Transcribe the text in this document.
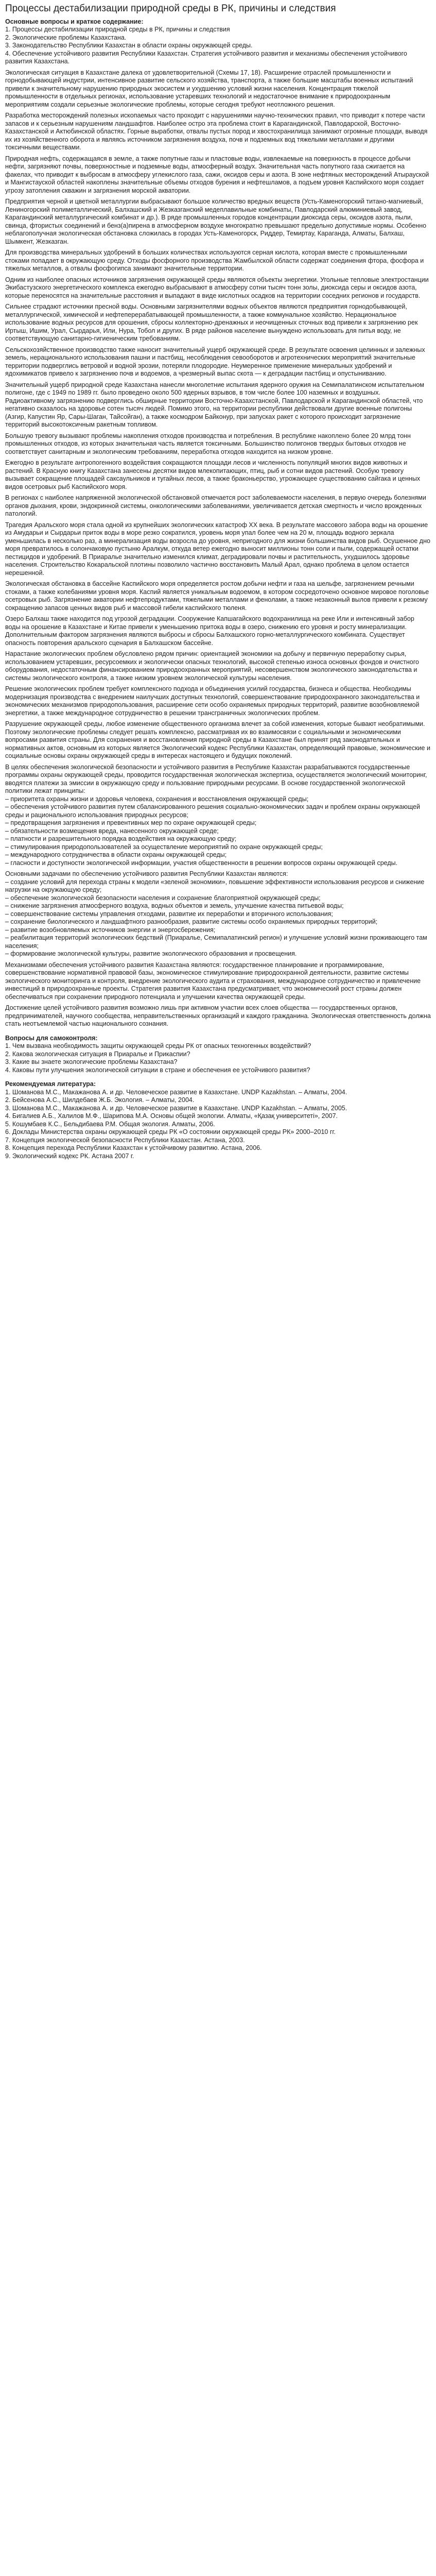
Процессы дестабилизации природной среды в РК, причины и следствия

Основные вопросы и краткое содержание:

1. Процессы дестабилизации природной среды в РК, причины и следствия

2. Экологические проблемы Казахстана.

3. Законодательство Республики Казахстан в области охраны окружающей среды.

4. Обеспечение устойчивого развития Республики Казахстан. Стратегия устойчивого развития и механизмы обеспечения устойчивого развития Казахстана.

Экологическая ситуация в Казахстане далека от удовлетворительной (Схемы 17, 18). Расширение отраслей промышленности и горнодобывающей индустрии, интенсивное развитие сельского хозяйства, транспорта, а также большие масштабы военных испытаний привели к значительному нарушению природных экосистем и ухудшению условий жизни населения. Концентрация тяжелой промышленности в отдельных регионах, использование устаревших технологий и недостаточное внимание к природоохранным мероприятиям создали серьезные экологические проблемы, которые сегодня требуют неотложного решения.

Разработка месторождений полезных ископаемых часто проходит с нарушениями научно-технических правил, что приводит к потере части запасов и к серьезным нарушениям ландшафтов. Наиболее остро эта проблема стоит в Карагандинской, Павлодарской, Восточно-Казахстанской и Актюбинской областях. Горные выработки, отвалы пустых пород и хвостохранилища занимают огромные площади, выводя их из хозяйственного оборота и являясь источником загрязнения воздуха, почв и подземных вод тяжелыми металлами и другими токсичными веществами.

Природная нефть, содержащаяся в земле, а также попутные газы и пластовые воды, извлекаемые на поверхность в процессе добычи нефти, загрязняют почвы, поверхностные и подземные воды, атмосферный воздух. Значительная часть попутного газа сжигается на факелах, что приводит к выбросам в атмосферу углекислого газа, сажи, оксидов серы и азота. В зоне нефтяных месторождений Атырауской и Мангистауской областей накоплены значительные объемы отходов бурения и нефтешламов, а подъем уровня Каспийского моря создает угрозу затопления скважин и загрязнения морской акватории.

Предприятия черной и цветной металлургии выбрасывают большое количество вредных веществ (Усть-Каменогорский титано-магниевый, Лениногорский полиметаллический, Балхашский и Жезказганский медеплавильные комбинаты, Павлодарский алюминиевый завод, Карагандинский металлургический комбинат и др.). В ряде промышленных городов концентрации диоксида серы, оксидов азота, пыли, свинца, фтористых соединений и бенз(а)пирена в атмосферном воздухе многократно превышают предельно допустимые нормы. Особенно неблагополучная экологическая обстановка сложилась в городах Усть-Каменогорск, Риддер, Темиртау, Караганда, Алматы, Балхаш, Шымкент, Жезказган.

Для производства минеральных удобрений в больших количествах используются серная кислота, которая вместе с промышленными стоками попадает в окружающую среду. Отходы фосфорного производства Жамбылской области содержат соединения фтора, фосфора и тяжелых металлов, а отвалы фосфогипса занимают значительные территории.

Одним из наиболее опасных источников загрязнения окружающей среды являются объекты энергетики. Угольные тепловые электростанции Экибастузского энергетического комплекса ежегодно выбрасывают в атмосферу сотни тысяч тонн золы, диоксида серы и оксидов азота, которые переносятся на значительные расстояния и выпадают в виде кислотных осадков на территории соседних регионов и государств.

Сильнее страдают источники пресной воды. Основными загрязнителями водных объектов являются предприятия горнодобывающей, металлургической, химической и нефтеперерабатывающей промышленности, а также коммунальное хозяйство. Нерациональное использование водных ресурсов для орошения, сбросы коллекторно-дренажных и неочищенных сточных вод привели к загрязнению рек Иртыш, Ишим, Урал, Сырдарья, Или, Нура, Тобол и других. В ряде районов население вынуждено использовать для питья воду, не соответствующую санитарно-гигиеническим требованиям.

Сельскохозяйственное производство также наносит значительный ущерб окружающей среде. В результате освоения целинных и залежных земель, нерационального использования пашни и пастбищ, несоблюдения севооборотов и агротехнических мероприятий значительные территории подверглись ветровой и водной эрозии, потеряли плодородие. Неумеренное применение минеральных удобрений и ядохимикатов привело к загрязнению почв и водоемов, а чрезмерный выпас скота — к деградации пастбищ и опустыниванию.

Значительный ущерб природной среде Казахстана нанесли многолетние испытания ядерного оружия на Семипалатинском испытательном полигоне, где с 1949 по 1989 гг. было проведено около 500 ядерных взрывов, в том числе более 100 наземных и воздушных. Радиоактивному загрязнению подверглись обширные территории Восточно-Казахстанской, Павлодарской и Карагандинской областей, что негативно сказалось на здоровье сотен тысяч людей. Помимо этого, на территории республики действовали другие военные полигоны (Азгир, Капустин Яр, Сары-Шаган, Тайсойган), а также космодром Байконур, при запусках ракет с которого происходит загрязнение территорий высокотоксичным ракетным топливом.

Большую тревогу вызывают проблемы накопления отходов производства и потребления. В республике накоплено более 20 млрд тонн промышленных отходов, из которых значительная часть является токсичными. Большинство полигонов твердых бытовых отходов не соответствует санитарным и экологическим требованиям, переработка отходов находится на низком уровне.

Ежегодно в результате антропогенного воздействия сокращаются площади лесов и численность популяций многих видов животных и растений. В Красную книгу Казахстана занесены десятки видов млекопитающих, птиц, рыб и сотни видов растений. Особую тревогу вызывает сокращение площадей саксаульников и тугайных лесов, а также браконьерство, угрожающее существованию сайгака и ценных видов осетровых рыб Каспийского моря.

В регионах с наиболее напряженной экологической обстановкой отмечается рост заболеваемости населения, в первую очередь болезнями органов дыхания, крови, эндокринной системы, онкологическими заболеваниями, увеличивается детская смертность и число врожденных патологий.

Трагедия Аральского моря стала одной из крупнейших экологических катастроф XX века. В результате массового забора воды на орошение из Амударьи и Сырдарьи приток воды в море резко сократился, уровень моря упал более чем на 20 м, площадь водного зеркала уменьшилась в несколько раз, а минерализация воды возросла до уровня, непригодного для жизни большинства видов рыб. Осушенное дно моря превратилось в солончаковую пустыню Аралкум, откуда ветер ежегодно выносит миллионы тонн соли и пыли, содержащей остатки пестицидов и удобрений. В Приаралье значительно изменился климат, деградировали почвы и растительность, ухудшилось здоровье населения. Строительство Кокаральской плотины позволило частично восстановить Малый Арал, однако проблема в целом остается нерешенной.

Экологическая обстановка в бассейне Каспийского моря определяется ростом добычи нефти и газа на шельфе, загрязнением речными стоками, а также колебаниями уровня моря. Каспий является уникальным водоемом, в котором сосредоточено основное мировое поголовье осетровых рыб. Загрязнение акватории нефтепродуктами, тяжелыми металлами и фенолами, а также незаконный вылов привели к резкому сокращению запасов ценных видов рыб и массовой гибели каспийского тюленя.

Озеро Балхаш также находится под угрозой деградации. Сооружение Капшагайского водохранилища на реке Или и интенсивный забор воды на орошение в Казахстане и Китае привели к уменьшению притока воды в озеро, снижению его уровня и росту минерализации. Дополнительным фактором загрязнения являются выбросы и сбросы Балхашского горно-металлургического комбината. Существует опасность повторения аральского сценария в Балхашском бассейне.

Нарастание экологических проблем обусловлено рядом причин: ориентацией экономики на добычу и первичную переработку сырья, использованием устаревших, ресурсоемких и экологически опасных технологий, высокой степенью износа основных фондов и очистного оборудования, недостаточным финансированием природоохранных мероприятий, несовершенством экологического законодательства и системы экологического контроля, а также низким уровнем экологической культуры населения.

Решение экологических проблем требует комплексного подхода и объединения усилий государства, бизнеса и общества. Необходимы модернизация производства с внедрением наилучших доступных технологий, совершенствование природоохранного законодательства и экономических механизмов природопользования, расширение сети особо охраняемых природных территорий, развитие возобновляемой энергетики, а также международное сотрудничество в решении трансграничных экологических проблем.

Разрушение окружающей среды, любое изменение общественного организма влечет за собой изменения, которые бывают необратимыми. Поэтому экологические проблемы следует решать комплексно, рассматривая их во взаимосвязи с социальными и экономическими вопросами развития страны. Для сохранения и восстановления природной среды в Казахстане был принят ряд законодательных и нормативных актов, основным из которых является Экологический кодекс Республики Казахстан, определяющий правовые, экономические и социальные основы охраны окружающей среды в интересах настоящего и будущих поколений.

В целях обеспечения экологической безопасности и устойчивого развития в Республике Казахстан разрабатываются государственные программы охраны окружающей среды, проводится государственная экологическая экспертиза, осуществляется экологический мониторинг, вводятся платежи за эмиссии в окружающую среду и пользование природными ресурсами. В основе государственной экологической политики лежат принципы:

– приоритета охраны жизни и здоровья человека, сохранения и восстановления окружающей среды;

– обеспечения устойчивого развития путем сбалансированного решения социально-экономических задач и проблем охраны окружающей среды и рационального использования природных ресурсов;

– предотвращения загрязнения и превентивных мер по охране окружающей среды;

– обязательности возмещения вреда, нанесенного окружающей среде;

– платности и разрешительного порядка воздействия на окружающую среду;

– стимулирования природопользователей за осуществление мероприятий по охране окружающей среды;

– международного сотрудничества в области охраны окружающей среды;

– гласности и доступности экологической информации, участия общественности в решении вопросов охраны окружающей среды.

Основными задачами по обеспечению устойчивого развития Республики Казахстан являются:

– создание условий для перехода страны к модели «зеленой экономики», повышение эффективности использования ресурсов и снижение нагрузки на окружающую среду;

– обеспечение экологической безопасности населения и сохранение благоприятной окружающей среды;

– снижение загрязнения атмосферного воздуха, водных объектов и земель, улучшение качества питьевой воды;

– совершенствование системы управления отходами, развитие их переработки и вторичного использования;

– сохранение биологического и ландшафтного разнообразия, развитие системы особо охраняемых природных территорий;

– развитие возобновляемых источников энергии и энергосбережения;

– реабилитация территорий экологических бедствий (Приаралье, Семипалатинский регион) и улучшение условий жизни проживающего там населения;

– формирование экологической культуры, развитие экологического образования и просвещения.

Механизмами обеспечения устойчивого развития Казахстана являются: государственное планирование и программирование, совершенствование нормативной правовой базы, экономическое стимулирование природоохранной деятельности, развитие системы экологического мониторинга и контроля, внедрение экологического аудита и страхования, международное сотрудничество и привлечение инвестиций в природоохранные проекты. Стратегия развития Казахстана предусматривает, что экономический рост страны должен обеспечиваться при сохранении природного потенциала и улучшении качества окружающей среды.

Достижение целей устойчивого развития возможно лишь при активном участии всех слоев общества — государственных органов, предпринимателей, научного сообщества, неправительственных организаций и каждого гражданина. Экологическая ответственность должна стать неотъемлемой частью национального сознания.

Вопросы для самоконтроля:

1. Чем вызвана необходимость защиты окружающей среды РК от опасных техногенных воздействий?

2. Какова экологическая ситуация в Приаралье и Прикаспии?

3. Какие вы знаете экологические проблемы Казахстана?

4. Каковы пути улучшения экологической ситуации в стране и обеспечения ее устойчивого развития?

Рекомендуемая литература:

1. Шоманова М.С., Макажанова А. и др. Человеческое развитие в Казахстане. UNDP Kazakhstan. – Алматы, 2004.

2. Бейсенова А.С., Шилдебаев Ж.Б. Экология. – Алматы, 2004.

3. Шоманова М.С., Макажанова А. и др. Человеческое развитие в Казахстане. UNDP Kazakhstan. – Алматы, 2005.

4. Бигалиев А.Б., Халилов М.Ф., Шарипова М.А. Основы общей экологии. Алматы, «Қазақ университеті», 2007.

5. Кошумбаев К.С., Бельдибаева Р.М. Общая экология. Алматы, 2006.

6. Доклады Министерства охраны окружающей среды РК «О состоянии окружающей среды РК» 2000–2010 гг.

7. Концепция экологической безопасности Республики Казахстан. Астана, 2003.

8. Концепция перехода Республики Казахстан к устойчивому развитию. Астана, 2006.

9. Экологический кодекс РК. Астана 2007 г.
